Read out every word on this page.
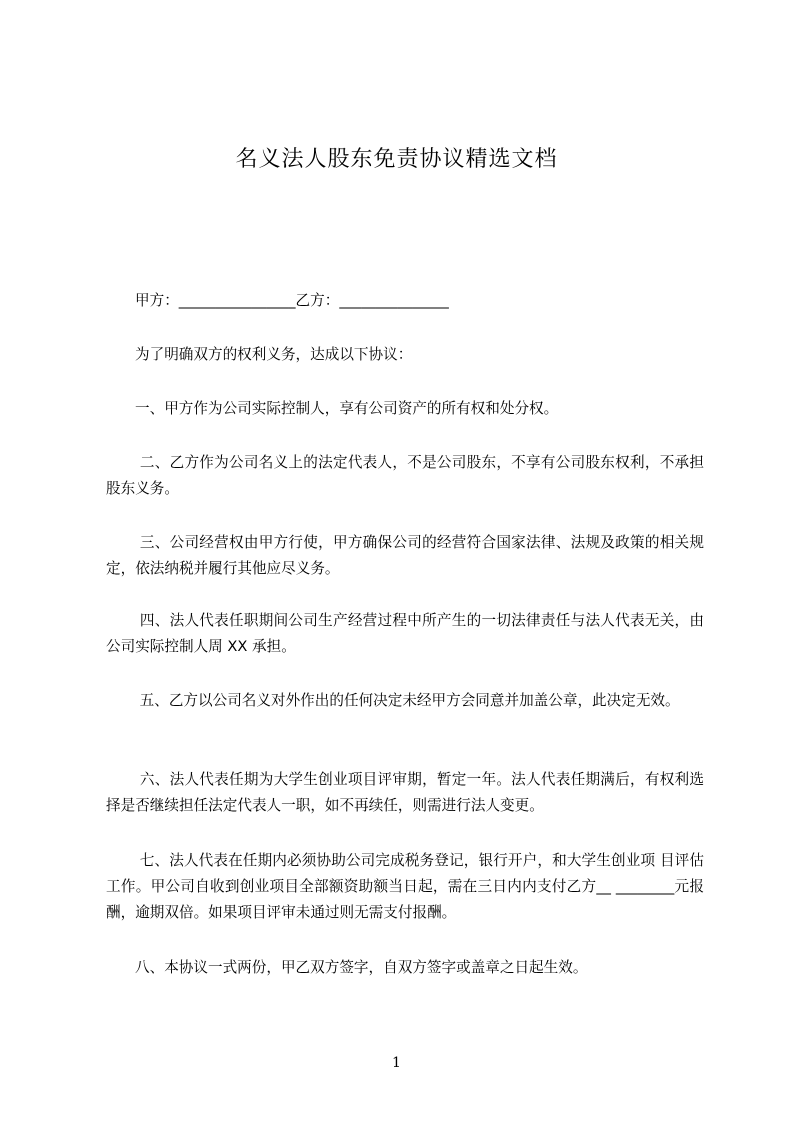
名义法人股东免责协议精选文档
甲方：________________乙方：_______________
为了明确双方的权利义务，达成以下协议：
一、甲方作为公司实际控制人，享有公司资产的所有权和处分权。
二、乙方作为公司名义上的法定代表人，不是公司股东，不享有公司股东权利，不承担股东义务。
三、公司经营权由甲方行使，甲方确保公司的经营符合国家法律、法规及政策的相关规定，依法纳税并履行其他应尽义务。
四、法人代表任职期间公司生产经营过程中所产生的一切法律责任与法人代表无关，由公司实际控制人周 XX 承担。
五、乙方以公司名义对外作出的任何决定未经甲方会同意并加盖公章，此决定无效。
六、法人代表任期为大学生创业项目评审期，暂定一年。法人代表任期满后，有权利选择是否继续担任法定代表人一职，如不再续任，则需进行法人变更。
七、法人代表在任期内必须协助公司完成税务登记，银行开户，和大学生创业项 目评估工作。甲公司自收到创业项目全部额资助额当日起，需在三日内内支付乙方__ ________元报酬，逾期双倍。如果项目评审未通过则无需支付报酬。
八、本协议一式两份，甲乙双方签字，自双方签字或盖章之日起生效。
1
